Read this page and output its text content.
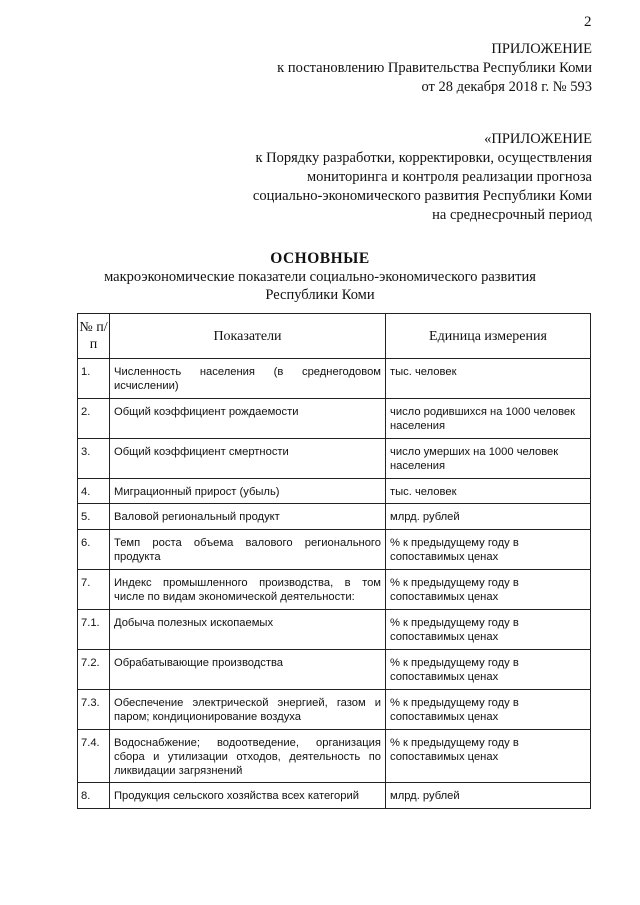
2
ПРИЛОЖЕНИЕ
к постановлению Правительства Республики Коми
от 28 декабря 2018 г. № 593
«ПРИЛОЖЕНИЕ
к Порядку разработки, корректировки, осуществления
мониторинга и контроля реализации прогноза
социально-экономического развития Республики Коми
на среднесрочный период
ОСНОВНЫЕ
макроэкономические показатели социально-экономического развития
Республики Коми
№ п/п	Показатели	Единица измерения
1.	Численность населения (в среднегодовом исчислении)	тыс. человек
2.	Общий коэффициент рождаемости	число родившихся на 1000 человек населения
3.	Общий коэффициент смертности	число умерших на 1000 человек населения
4.	Миграционный прирост (убыль)	тыс. человек
5.	Валовой региональный продукт	млрд. рублей
6.	Темп роста объема валового регионального продукта	% к предыдущему году в сопоставимых ценах
7.	Индекс промышленного производства, в том числе по видам экономической деятельности:	% к предыдущему году в сопоставимых ценах
7.1.	Добыча полезных ископаемых	% к предыдущему году в сопоставимых ценах
7.2.	Обрабатывающие производства	% к предыдущему году в сопоставимых ценах
7.3.	Обеспечение электрической энергией, газом и паром; кондиционирование воздуха	% к предыдущему году в сопоставимых ценах
7.4.	Водоснабжение; водоотведение, организация сбора и утилизации отходов, деятельность по ликвидации загрязнений	% к предыдущему году в сопоставимых ценах
8.	Продукция сельского хозяйства всех категорий	млрд. рублей
